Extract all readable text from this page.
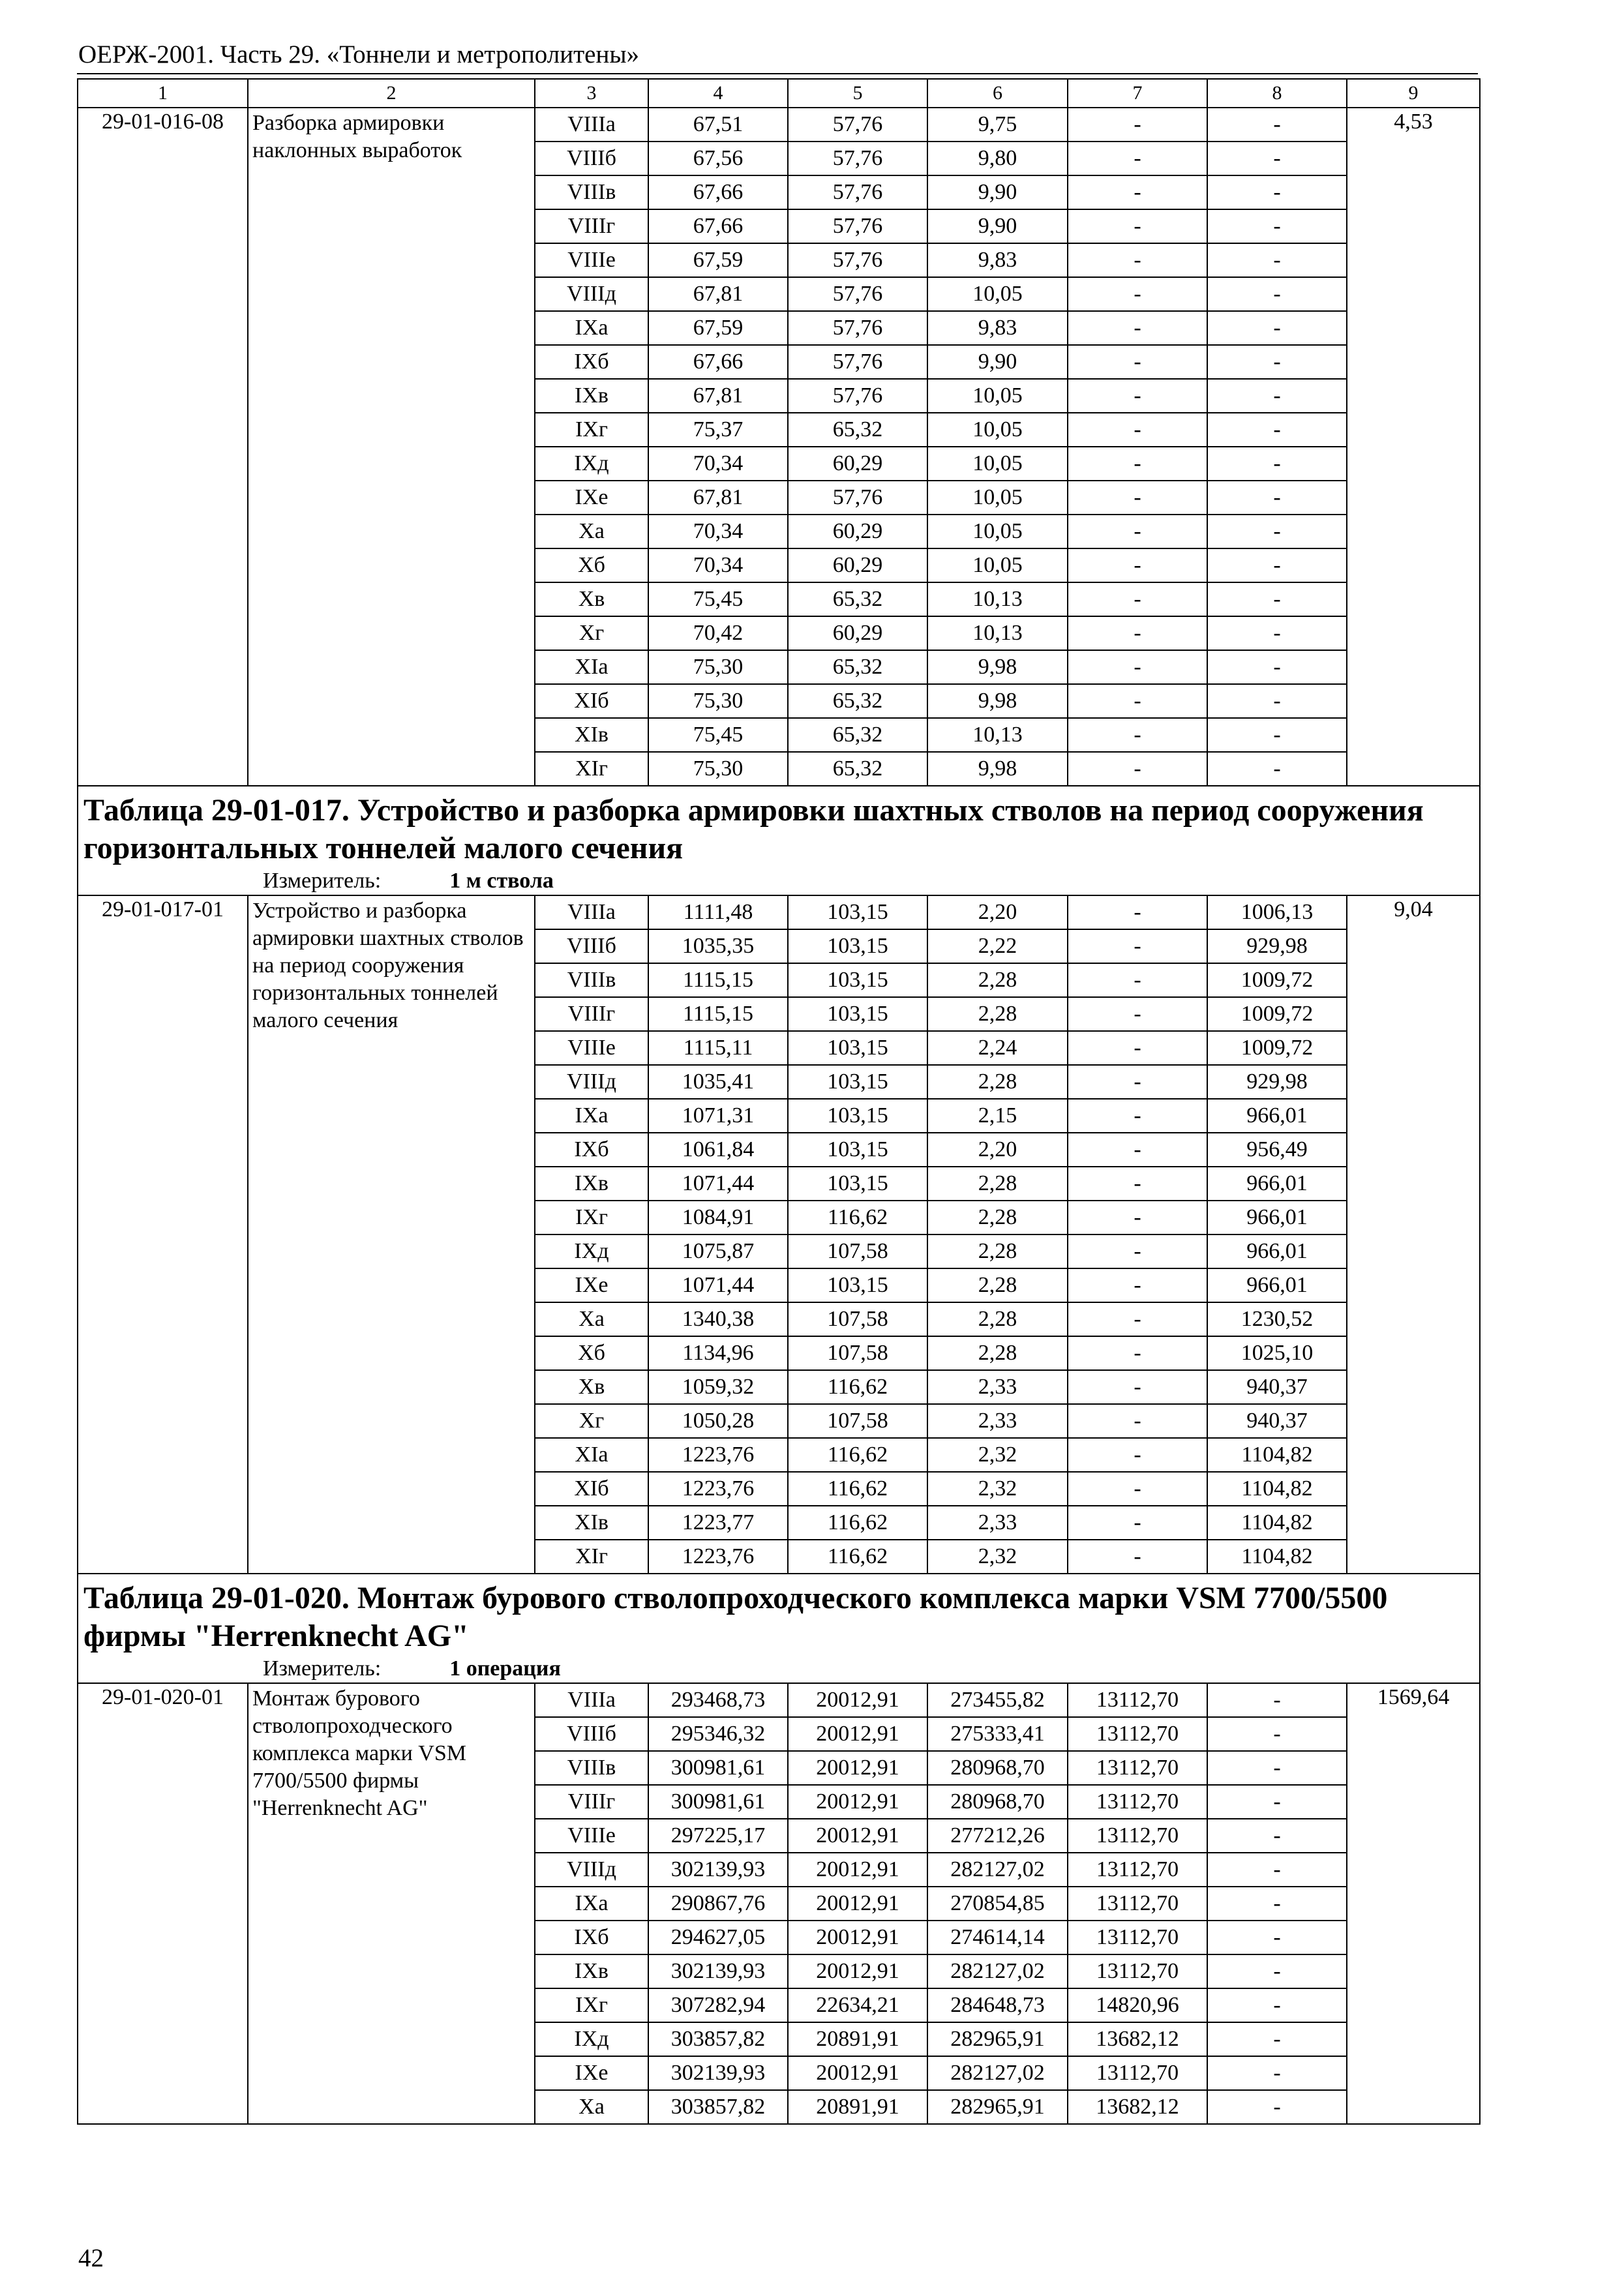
ОЕРЖ-2001. Часть 29. «Тоннели и метрополитены»
1	2	3	4	5	6	7	8	9
29-01-016-08	Разборка армировки наклонных выработок	VIIIа	67,51	57,76	9,75	-	-	4,53
		VIIIб	67,56	57,76	9,80	-	-	
		VIIIв	67,66	57,76	9,90	-	-	
		VIIIг	67,66	57,76	9,90	-	-	
		VIIIе	67,59	57,76	9,83	-	-	
		VIIIд	67,81	57,76	10,05	-	-	
		IXа	67,59	57,76	9,83	-	-	
		IXб	67,66	57,76	9,90	-	-	
		IXв	67,81	57,76	10,05	-	-	
		IXг	75,37	65,32	10,05	-	-	
		IXд	70,34	60,29	10,05	-	-	
		IXе	67,81	57,76	10,05	-	-	
		Xа	70,34	60,29	10,05	-	-	
		Xб	70,34	60,29	10,05	-	-	
		Xв	75,45	65,32	10,13	-	-	
		Xг	70,42	60,29	10,13	-	-	
		XIа	75,30	65,32	9,98	-	-	
		XIб	75,30	65,32	9,98	-	-	
		XIв	75,45	65,32	10,13	-	-	
		XIг	75,30	65,32	9,98	-	-	

Таблица 29-01-017. Устройство и разборка армировки шахтных стволов на период сооружения горизонтальных тоннелей малого сечения
Измеритель: 1 м ствола								

29-01-017-01	Устройство и разборка армировки шахтных стволов на период сооружения горизонтальных тоннелей малого сечения	VIIIа	1111,48	103,15	2,20	-	1006,13	9,04
		VIIIб	1035,35	103,15	2,22	-	929,98	
		VIIIв	1115,15	103,15	2,28	-	1009,72	
		VIIIг	1115,15	103,15	2,28	-	1009,72	
		VIIIе	1115,11	103,15	2,24	-	1009,72	
		VIIIд	1035,41	103,15	2,28	-	929,98	
		IXа	1071,31	103,15	2,15	-	966,01	
		IXб	1061,84	103,15	2,20	-	956,49	
		IXв	1071,44	103,15	2,28	-	966,01	
		IXг	1084,91	116,62	2,28	-	966,01	
		IXд	1075,87	107,58	2,28	-	966,01	
		IXе	1071,44	103,15	2,28	-	966,01	
		Xа	1340,38	107,58	2,28	-	1230,52	
		Xб	1134,96	107,58	2,28	-	1025,10	
		Xв	1059,32	116,62	2,33	-	940,37	
		Xг	1050,28	107,58	2,33	-	940,37	
		XIа	1223,76	116,62	2,32	-	1104,82	
		XIб	1223,76	116,62	2,32	-	1104,82	
		XIв	1223,77	116,62	2,33	-	1104,82	
		XIг	1223,76	116,62	2,32	-	1104,82	

Таблица 29-01-020. Монтаж бурового стволопроходческого комплекса марки VSM 7700/5500 фирмы "Herrenknecht AG"
Измеритель: 1 операция								

29-01-020-01	Монтаж бурового стволопроходческого комплекса марки VSM 7700/5500 фирмы "Herrenknecht AG"	VIIIа	293468,73	20012,91	273455,82	13112,70	-	1569,64
		VIIIб	295346,32	20012,91	275333,41	13112,70	-	
		VIIIв	300981,61	20012,91	280968,70	13112,70	-	
		VIIIг	300981,61	20012,91	280968,70	13112,70	-	
		VIIIе	297225,17	20012,91	277212,26	13112,70	-	
		VIIIд	302139,93	20012,91	282127,02	13112,70	-	
		IXа	290867,76	20012,91	270854,85	13112,70	-	
		IXб	294627,05	20012,91	274614,14	13112,70	-	
		IXв	302139,93	20012,91	282127,02	13112,70	-	
		IXг	307282,94	22634,21	284648,73	14820,96	-	
		IXд	303857,82	20891,91	282965,91	13682,12	-	
		IXе	302139,93	20012,91	282127,02	13112,70	-	
		Xа	303857,82	20891,91	282965,91	13682,12	-	
42
